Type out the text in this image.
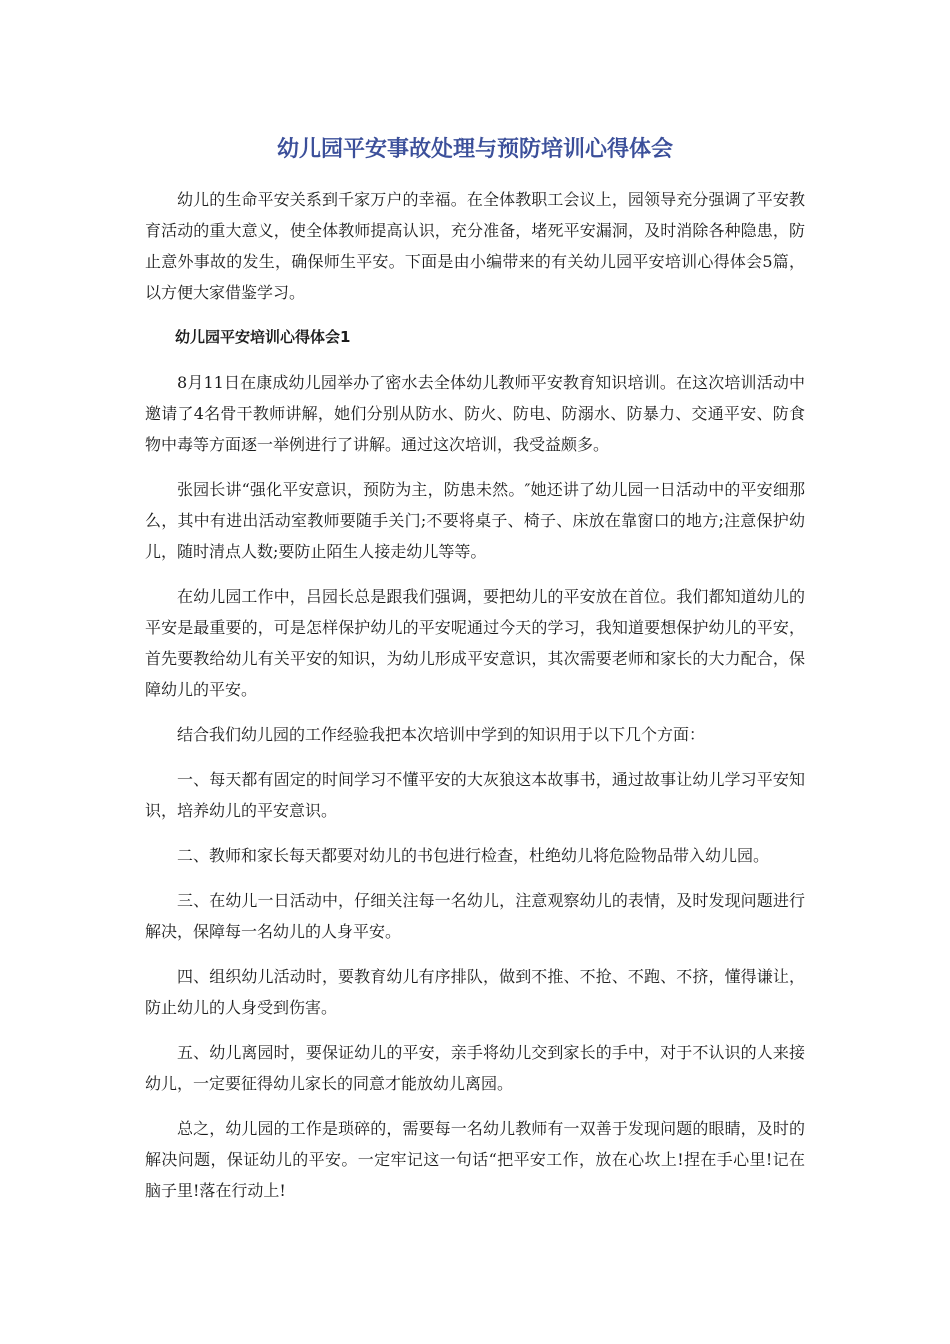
幼儿园平安事故处理与预防培训心得体会

幼儿的生命平安关系到千家万户的幸福。在全体教职工会议上，园领导充分强调了平安教育活动的重大意义，使全体教师提高认识，充分准备，堵死平安漏洞，及时消除各种隐患，防止意外事故的发生，确保师生平安。下面是由小编带来的有关幼儿园平安培训心得体会5篇，以方便大家借鉴学习。

幼儿园平安培训心得体会1

8月11日在康成幼儿园举办了密水去全体幼儿教师平安教育知识培训。在这次培训活动中邀请了4名骨干教师讲解，她们分别从防水、防火、防电、防溺水、防暴力、交通平安、防食物中毒等方面逐一举例进行了讲解。通过这次培训，我受益颇多。

张园长讲“强化平安意识，预防为主，防患未然。″她还讲了幼儿园一日活动中的平安细那么，其中有进出活动室教师要随手关门;不要将桌子、椅子、床放在靠窗口的地方;注意保护幼儿，随时清点人数;要防止陌生人接走幼儿等等。

在幼儿园工作中，吕园长总是跟我们强调，要把幼儿的平安放在首位。我们都知道幼儿的平安是最重要的，可是怎样保护幼儿的平安呢通过今天的学习，我知道要想保护幼儿的平安，首先要教给幼儿有关平安的知识，为幼儿形成平安意识，其次需要老师和家长的大力配合，保障幼儿的平安。

结合我们幼儿园的工作经验我把本次培训中学到的知识用于以下几个方面：

一、每天都有固定的时间学习不懂平安的大灰狼这本故事书，通过故事让幼儿学习平安知识，培养幼儿的平安意识。

二、教师和家长每天都要对幼儿的书包进行检查，杜绝幼儿将危险物品带入幼儿园。

三、在幼儿一日活动中，仔细关注每一名幼儿，注意观察幼儿的表情，及时发现问题进行解决，保障每一名幼儿的人身平安。

四、组织幼儿活动时，要教育幼儿有序排队，做到不推、不抢、不跑、不挤，懂得谦让，防止幼儿的人身受到伤害。

五、幼儿离园时，要保证幼儿的平安，亲手将幼儿交到家长的手中，对于不认识的人来接幼儿，一定要征得幼儿家长的同意才能放幼儿离园。

总之，幼儿园的工作是琐碎的，需要每一名幼儿教师有一双善于发现问题的眼睛，及时的解决问题，保证幼儿的平安。一定牢记这一句话“把平安工作，放在心坎上!捏在手心里!记在脑子里!落在行动上!
